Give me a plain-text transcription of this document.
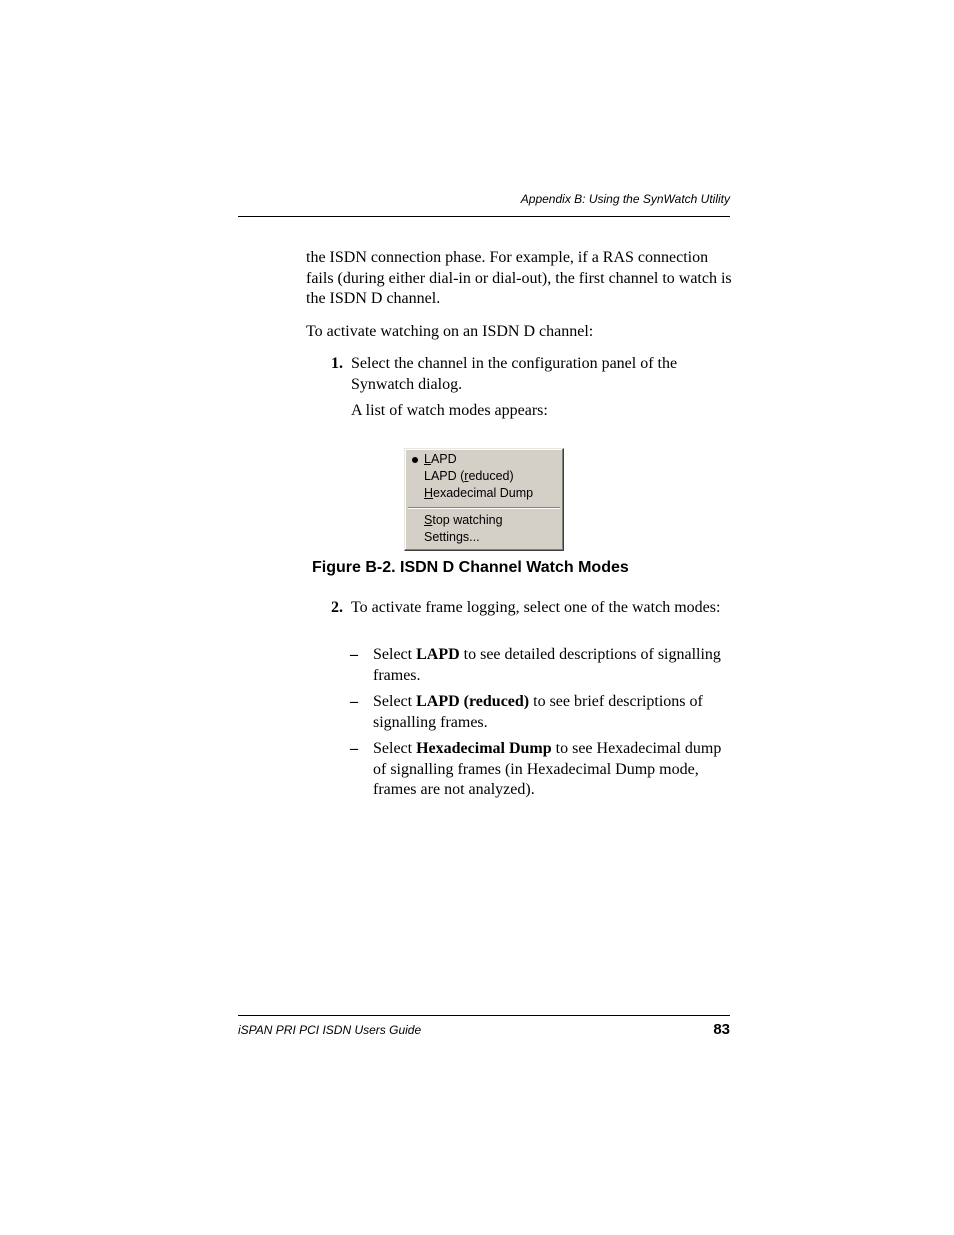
Appendix B: Using the SynWatch Utility
the ISDN connection phase. For example, if a RAS connection fails (during either dial-in or dial-out), the first channel to watch is the ISDN D channel.
To activate watching on an ISDN D channel:
1. Select the channel in the configuration panel of the Synwatch dialog.
A list of watch modes appears:
LAPD
LAPD (reduced)
Hexadecimal Dump
Stop watching
Settings...
Figure B-2. ISDN D Channel Watch Modes
2. To activate frame logging, select one of the watch modes:
– Select LAPD to see detailed descriptions of signalling frames.
– Select LAPD (reduced) to see brief descriptions of signalling frames.
– Select Hexadecimal Dump to see Hexadecimal dump of signalling frames (in Hexadecimal Dump mode, frames are not analyzed).
iSPAN PRI PCI ISDN Users Guide	83
